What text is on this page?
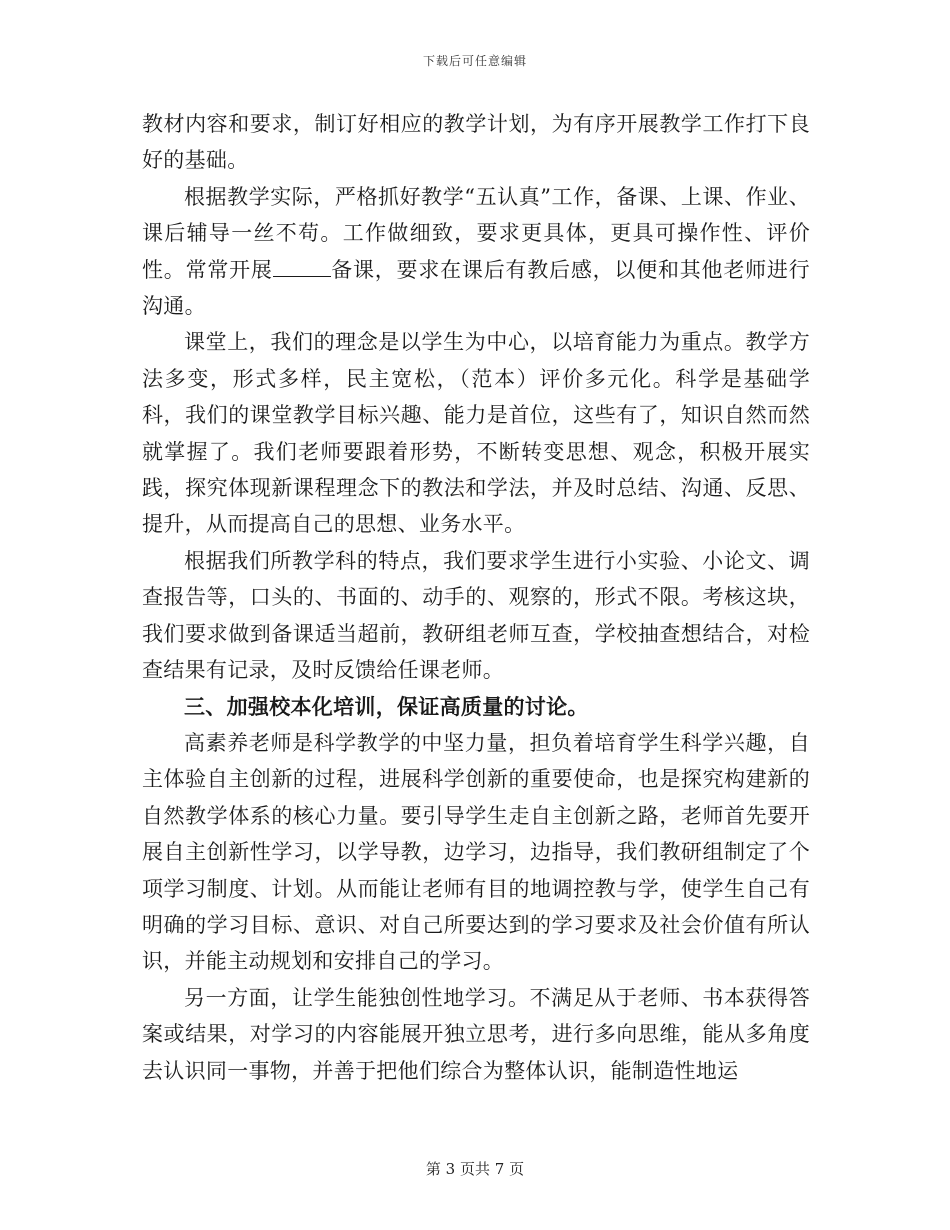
下载后可任意编辑

教材内容和要求，制订好相应的教学计划，为有序开展教学工作打下良好的基础。

根据教学实际，严格抓好教学“五认真”工作，备课、上课、作业、课后辅导一丝不苟。工作做细致，要求更具体，更具可操作性、评价性。常常开展	备课，要求在课后有教后感，以便和其他老师进行沟通。

课堂上，我们的理念是以学生为中心，以培育能力为重点。教学方法多变，形式多样，民主宽松，（范本）评价多元化。科学是基础学科，我们的课堂教学目标兴趣、能力是首位，这些有了，知识自然而然就掌握了。我们老师要跟着形势，不断转变思想、观念，积极开展实践，探究体现新课程理念下的教法和学法，并及时总结、沟通、反思、提升，从而提高自己的思想、业务水平。

根据我们所教学科的特点，我们要求学生进行小实验、小论文、调查报告等，口头的、书面的、动手的、观察的，形式不限。考核这块，我们要求做到备课适当超前，教研组老师互查，学校抽查想结合，对检查结果有记录，及时反馈给任课老师。

三、加强校本化培训，保证高质量的讨论。

高素养老师是科学教学的中坚力量，担负着培育学生科学兴趣，自主体验自主创新的过程，进展科学创新的重要使命，也是探究构建新的自然教学体系的核心力量。要引导学生走自主创新之路，老师首先要开展自主创新性学习，以学导教，边学习，边指导，我们教研组制定了个项学习制度、计划。从而能让老师有目的地调控教与学，使学生自己有明确的学习目标、意识、对自己所要达到的学习要求及社会价值有所认识，并能主动规划和安排自己的学习。

另一方面，让学生能独创性地学习。不满足从于老师、书本获得答案或结果，对学习的内容能展开独立思考，进行多向思维，能从多角度去认识同一事物，并善于把他们综合为整体认识，能制造性地运

第 3 页共 7 页
